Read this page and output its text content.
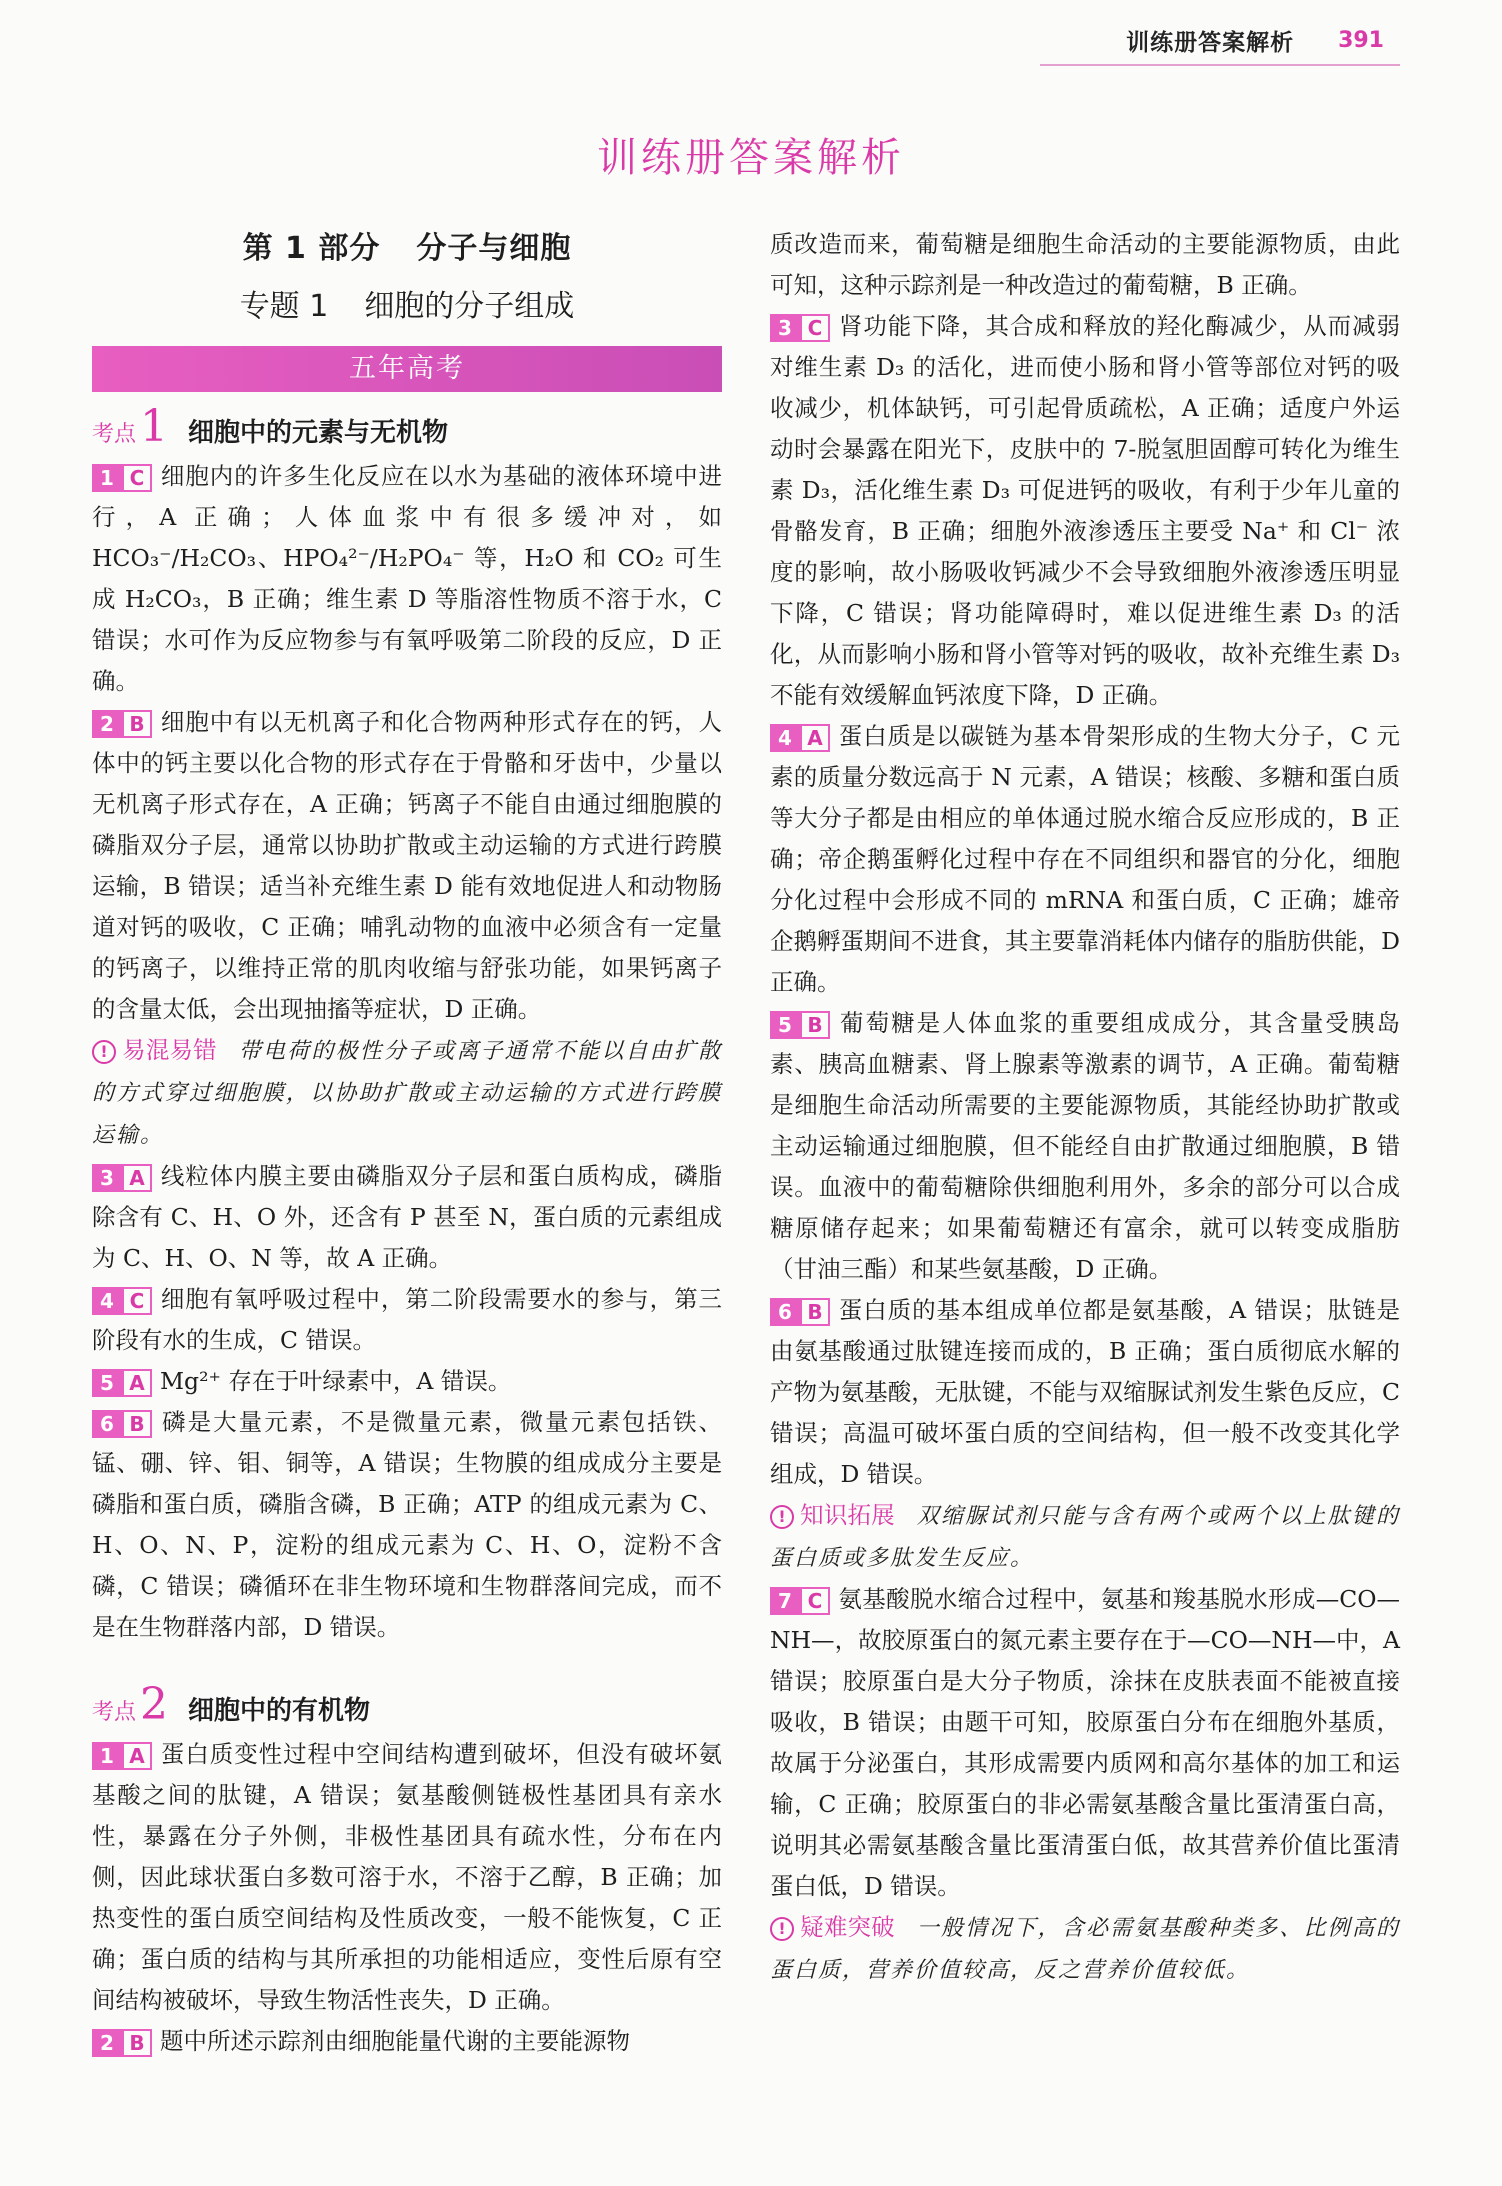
训练册答案解析 391
训练册答案解析
第 1 部分 分子与细胞
专题 1 细胞的分子组成
五年高考
考点 1 细胞中的元素与无机物

1 C 细胞内的许多生化反应在以水为基础的液体环境中进行，A 正确；人体血浆中有很多缓冲对，如 HCO₃⁻/H₂CO₃、HPO₄²⁻/H₂PO₄⁻ 等，H₂O 和 CO₂ 可生成 H₂CO₃，B 正确；维生素 D 等脂溶性物质不溶于水，C 错误；水可作为反应物参与有氧呼吸第二阶段的反应，D 正确。

2 B 细胞中有以无机离子和化合物两种形式存在的钙，人体中的钙主要以化合物的形式存在于骨骼和牙齿中，少量以无机离子形式存在，A 正确；钙离子不能自由通过细胞膜的磷脂双分子层，通常以协助扩散或主动运输的方式进行跨膜运输，B 错误；适当补充维生素 D 能有效地促进人和动物肠道对钙的吸收，C 正确；哺乳动物的血液中必须含有一定量的钙离子，以维持正常的肌肉收缩与舒张功能，如果钙离子的含量太低，会出现抽搐等症状，D 正确。

! 易混易错 带电荷的极性分子或离子通常不能以自由扩散的方式穿过细胞膜，以协助扩散或主动运输的方式进行跨膜运输。

3 A 线粒体内膜主要由磷脂双分子层和蛋白质构成，磷脂除含有 C、H、O 外，还含有 P 甚至 N，蛋白质的元素组成为 C、H、O、N 等，故 A 正确。

4 C 细胞有氧呼吸过程中，第二阶段需要水的参与，第三阶段有水的生成，C 错误。

5 A Mg²⁺ 存在于叶绿素中，A 错误。

6 B 磷是大量元素，不是微量元素，微量元素包括铁、锰、硼、锌、钼、铜等，A 错误；生物膜的组成成分主要是磷脂和蛋白质，磷脂含磷，B 正确；ATP 的组成元素为 C、H、O、N、P，淀粉的组成元素为 C、H、O，淀粉不含磷，C 错误；磷循环在非生物环境和生物群落间完成，而不是在生物群落内部，D 错误。

考点 2 细胞中的有机物

1 A 蛋白质变性过程中空间结构遭到破坏，但没有破坏氨基酸之间的肽键，A 错误；氨基酸侧链极性基团具有亲水性，暴露在分子外侧，非极性基团具有疏水性，分布在内侧，因此球状蛋白多数可溶于水，不溶于乙醇，B 正确；加热变性的蛋白质空间结构及性质改变，一般不能恢复，C 正确；蛋白质的结构与其所承担的功能相适应，变性后原有空间结构被破坏，导致生物活性丧失，D 正确。

2 B 题中所述示踪剂由细胞能量代谢的主要能源物

质改造而来，葡萄糖是细胞生命活动的主要能源物质，由此可知，这种示踪剂是一种改造过的葡萄糖，B 正确。

3 C 肾功能下降，其合成和释放的羟化酶减少，从而减弱对维生素 D₃ 的活化，进而使小肠和肾小管等部位对钙的吸收减少，机体缺钙，可引起骨质疏松，A 正确；适度户外运动时会暴露在阳光下，皮肤中的 7-脱氢胆固醇可转化为维生素 D₃，活化维生素 D₃ 可促进钙的吸收，有利于少年儿童的骨骼发育，B 正确；细胞外液渗透压主要受 Na⁺ 和 Cl⁻ 浓度的影响，故小肠吸收钙减少不会导致细胞外液渗透压明显下降，C 错误；肾功能障碍时，难以促进维生素 D₃ 的活化，从而影响小肠和肾小管等对钙的吸收，故补充维生素 D₃ 不能有效缓解血钙浓度下降，D 正确。

4 A 蛋白质是以碳链为基本骨架形成的生物大分子，C 元素的质量分数远高于 N 元素，A 错误；核酸、多糖和蛋白质等大分子都是由相应的单体通过脱水缩合反应形成的，B 正确；帝企鹅蛋孵化过程中存在不同组织和器官的分化，细胞分化过程中会形成不同的 mRNA 和蛋白质，C 正确；雄帝企鹅孵蛋期间不进食，其主要靠消耗体内储存的脂肪供能，D 正确。

5 B 葡萄糖是人体血浆的重要组成成分，其含量受胰岛素、胰高血糖素、肾上腺素等激素的调节，A 正确。葡萄糖是细胞生命活动所需要的主要能源物质，其能经协助扩散或主动运输通过细胞膜，但不能经自由扩散通过细胞膜，B 错误。血液中的葡萄糖除供细胞利用外，多余的部分可以合成糖原储存起来；如果葡萄糖还有富余，就可以转变成脂肪（甘油三酯）和某些氨基酸，D 正确。

6 B 蛋白质的基本组成单位都是氨基酸，A 错误；肽链是由氨基酸通过肽键连接而成的，B 正确；蛋白质彻底水解的产物为氨基酸，无肽键，不能与双缩脲试剂发生紫色反应，C 错误；高温可破坏蛋白质的空间结构，但一般不改变其化学组成，D 错误。

! 知识拓展 双缩脲试剂只能与含有两个或两个以上肽键的蛋白质或多肽发生反应。

7 C 氨基酸脱水缩合过程中，氨基和羧基脱水形成—CO—NH—，故胶原蛋白的氮元素主要存在于—CO—NH—中，A 错误；胶原蛋白是大分子物质，涂抹在皮肤表面不能被直接吸收，B 错误；由题干可知，胶原蛋白分布在细胞外基质，故属于分泌蛋白，其形成需要内质网和高尔基体的加工和运输，C 正确；胶原蛋白的非必需氨基酸含量比蛋清蛋白高，说明其必需氨基酸含量比蛋清蛋白低，故其营养价值比蛋清蛋白低，D 错误。

! 疑难突破 一般情况下，含必需氨基酸种类多、比例高的蛋白质，营养价值较高，反之营养价值较低。
